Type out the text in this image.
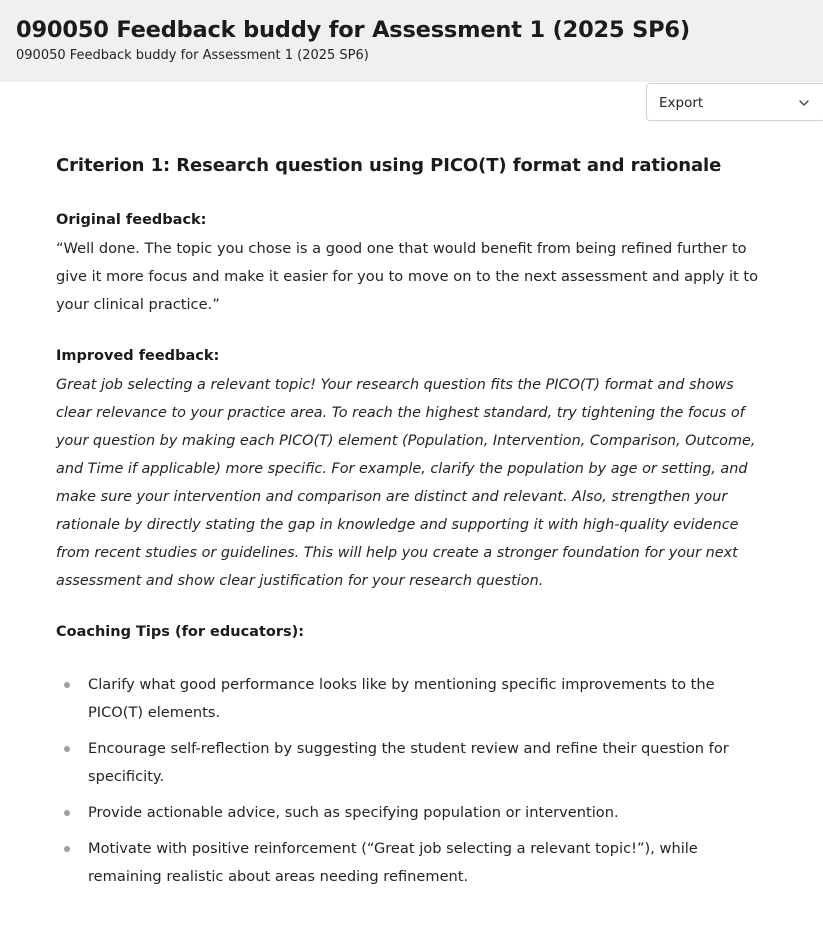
090050 Feedback buddy for Assessment 1 (2025 SP6)
090050 Feedback buddy for Assessment 1 (2025 SP6)
Export
Criterion 1: Research question using PICO(T) format and rationale
Original feedback:
“Well done. The topic you chose is a good one that would benefit from being refined further to give it more focus and make it easier for you to move on to the next assessment and apply it to your clinical practice.”
Improved feedback:
Great job selecting a relevant topic! Your research question fits the PICO(T) format and shows clear relevance to your practice area. To reach the highest standard, try tightening the focus of your question by making each PICO(T) element (Population, Intervention, Comparison, Outcome, and Time if applicable) more specific. For example, clarify the population by age or setting, and make sure your intervention and comparison are distinct and relevant. Also, strengthen your rationale by directly stating the gap in knowledge and supporting it with high-quality evidence from recent studies or guidelines. This will help you create a stronger foundation for your next assessment and show clear justification for your research question.
Coaching Tips (for educators):
Clarify what good performance looks like by mentioning specific improvements to the PICO(T) elements.
Encourage self-reflection by suggesting the student review and refine their question for specificity.
Provide actionable advice, such as specifying population or intervention.
Motivate with positive reinforcement (“Great job selecting a relevant topic!”), while remaining realistic about areas needing refinement.
